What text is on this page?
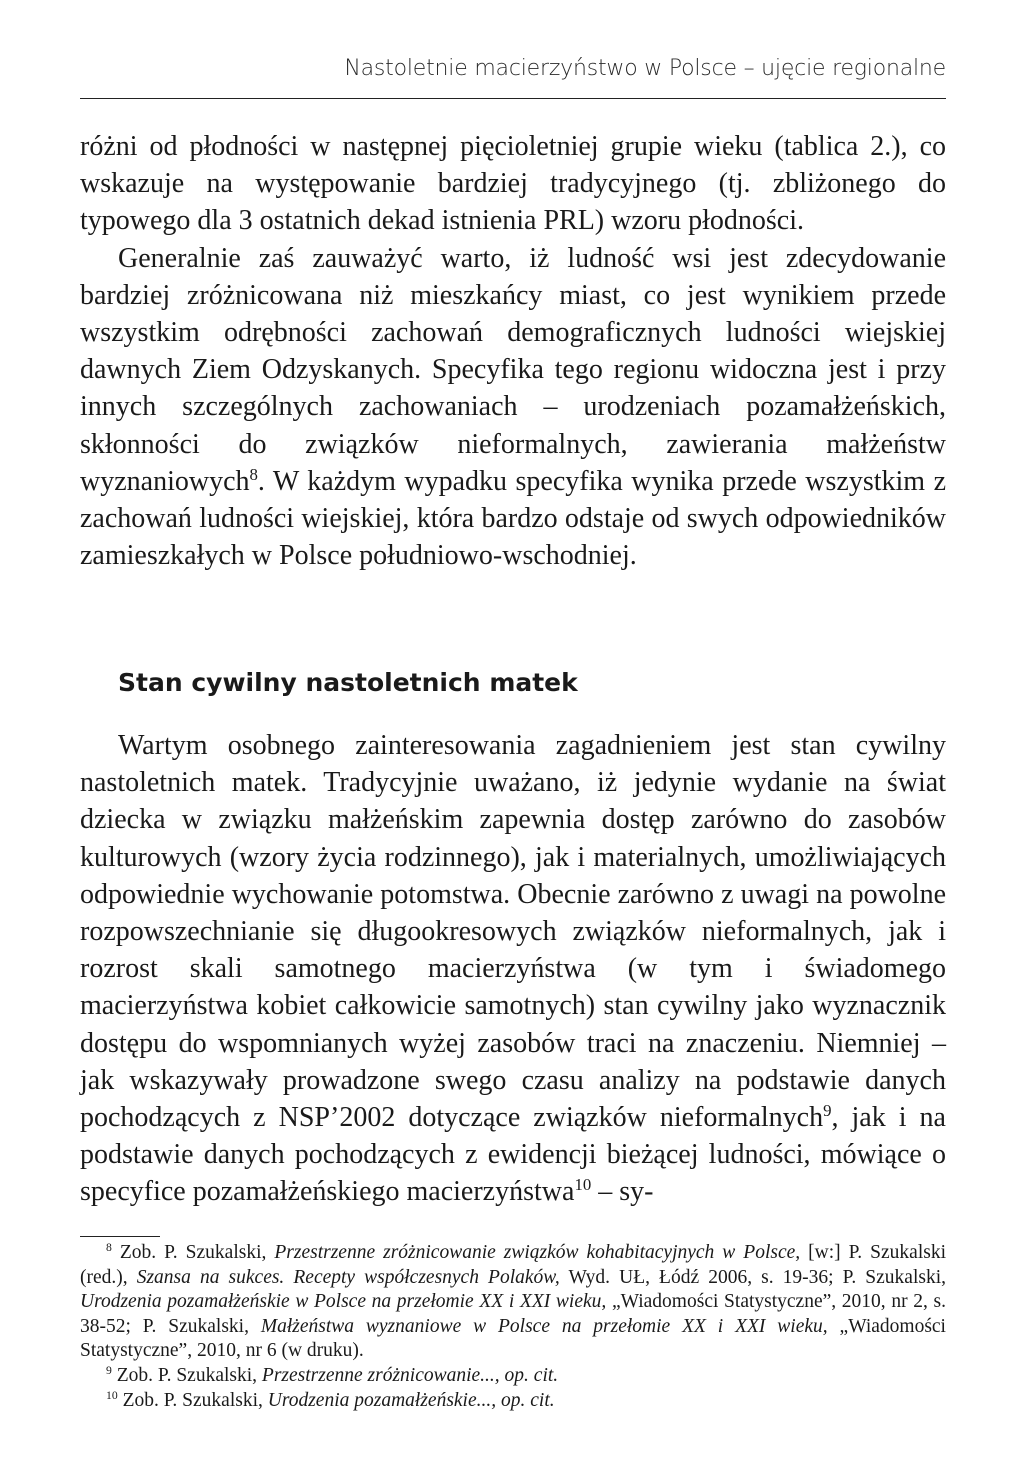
Nastoletnie macierzyństwo w Polsce – ujęcie regionalne

różni od płodności w następnej pięcioletniej grupie wieku (tablica 2.), co wskazuje na występowanie bardziej tradycyjnego (tj. zbliżonego do typowego dla 3 ostatnich dekad istnienia PRL) wzoru płodności.

Generalnie zaś zauważyć warto, iż ludność wsi jest zdecydowanie bardziej zróżnicowana niż mieszkańcy miast, co jest wynikiem przede wszystkim odrębności zachowań demograficznych ludności wiejskiej dawnych Ziem Odzyskanych. Specyfika tego regionu widoczna jest i przy innych szczególnych zachowaniach – urodzeniach pozamałżeńskich, skłonności do związków nieformalnych, zawierania małżeństw wyznaniowych$^8$. W każdym wypadku specyfika wynika przede wszystkim z zachowań ludności wiejskiej, która bardzo odstaje od swych odpowiedników zamieszkałych w Polsce południowo-wschodniej.

Stan cywilny nastoletnich matek

Wartym osobnego zainteresowania zagadnieniem jest stan cywilny nastoletnich matek. Tradycyjnie uważano, iż jedynie wydanie na świat dziecka w związku małżeńskim zapewnia dostęp zarówno do zasobów kulturowych (wzory życia rodzinnego), jak i materialnych, umożliwiających odpowiednie wychowanie potomstwa. Obecnie zarówno z uwagi na powolne rozpowszechnianie się długookresowych związków nieformalnych, jak i rozrost skali samotnego macierzyństwa (w tym i świadomego macierzyństwa kobiet całkowicie samotnych) stan cywilny jako wyznacznik dostępu do wspomnianych wyżej zasobów traci na znaczeniu. Niemniej – jak wskazywały prowadzone swego czasu analizy na podstawie danych pochodzących z NSP’2002 dotyczące związków nieformalnych$^9$, jak i na podstawie danych pochodzących z ewidencji bieżącej ludności, mówiące o specyfice pozamałżeńskiego macierzyństwa$^{10}$ – sy-

$^8$ Zob. P. Szukalski, Przestrzenne zróżnicowanie związków kohabitacyjnych w Polsce, [w:] P. Szukalski (red.), Szansa na sukces. Recepty współczesnych Polaków, Wyd. UŁ, Łódź 2006, s. 19-36; P. Szukalski, Urodzenia pozamałżeńskie w Polsce na przełomie XX i XXI wieku, „Wiadomości Statystyczne”, 2010, nr 2, s. 38-52; P. Szukalski, Małżeństwa wyznaniowe w Polsce na przełomie XX i XXI wieku, „Wiadomości Statystyczne”, 2010, nr 6 (w druku).

$^9$ Zob. P. Szukalski, Przestrzenne zróżnicowanie..., op. cit.

$^{10}$ Zob. P. Szukalski, Urodzenia pozamałżeńskie..., op. cit.
